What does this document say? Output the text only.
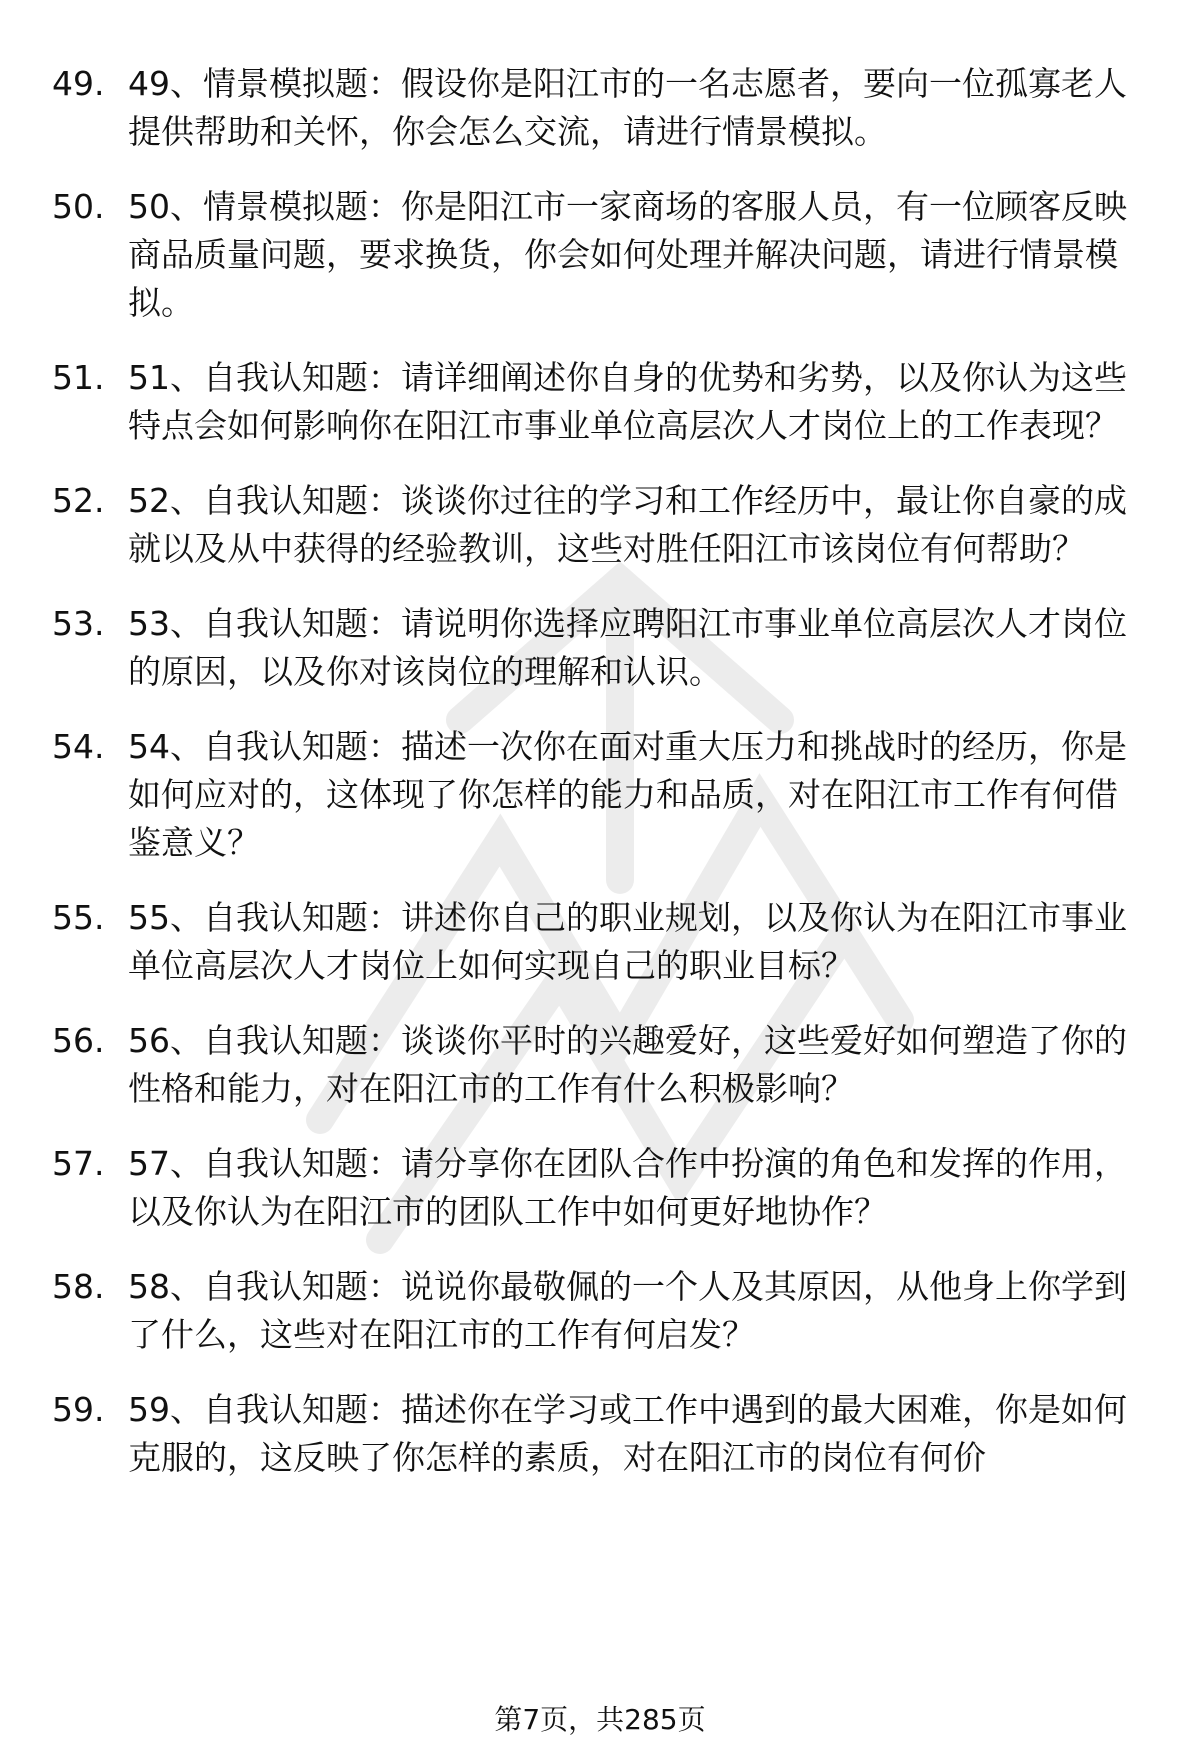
49. 49、情景模拟题：假设你是阳江市的一名志愿者，要向一位孤寡老人提供帮助和关怀，你会怎么交流，请进行情景模拟。
50. 50、情景模拟题：你是阳江市一家商场的客服人员，有一位顾客反映商品质量问题，要求换货，你会如何处理并解决问题，请进行情景模拟。
51. 51、自我认知题：请详细阐述你自身的优势和劣势，以及你认为这些特点会如何影响你在阳江市事业单位高层次人才岗位上的工作表现？
52. 52、自我认知题：谈谈你过往的学习和工作经历中，最让你自豪的成就以及从中获得的经验教训，这些对胜任阳江市该岗位有何帮助？
53. 53、自我认知题：请说明你选择应聘阳江市事业单位高层次人才岗位的原因，以及你对该岗位的理解和认识。
54. 54、自我认知题：描述一次你在面对重大压力和挑战时的经历，你是如何应对的，这体现了你怎样的能力和品质，对在阳江市工作有何借鉴意义？
55. 55、自我认知题：讲述你自己的职业规划，以及你认为在阳江市事业单位高层次人才岗位上如何实现自己的职业目标？
56. 56、自我认知题：谈谈你平时的兴趣爱好，这些爱好如何塑造了你的性格和能力，对在阳江市的工作有什么积极影响？
57. 57、自我认知题：请分享你在团队合作中扮演的角色和发挥的作用，以及你认为在阳江市的团队工作中如何更好地协作？
58. 58、自我认知题：说说你最敬佩的一个人及其原因，从他身上你学到了什么，这些对在阳江市的工作有何启发？
59. 59、自我认知题：描述你在学习或工作中遇到的最大困难，你是如何克服的，这反映了你怎样的素质，对在阳江市的岗位有何价
第7页，共285页
